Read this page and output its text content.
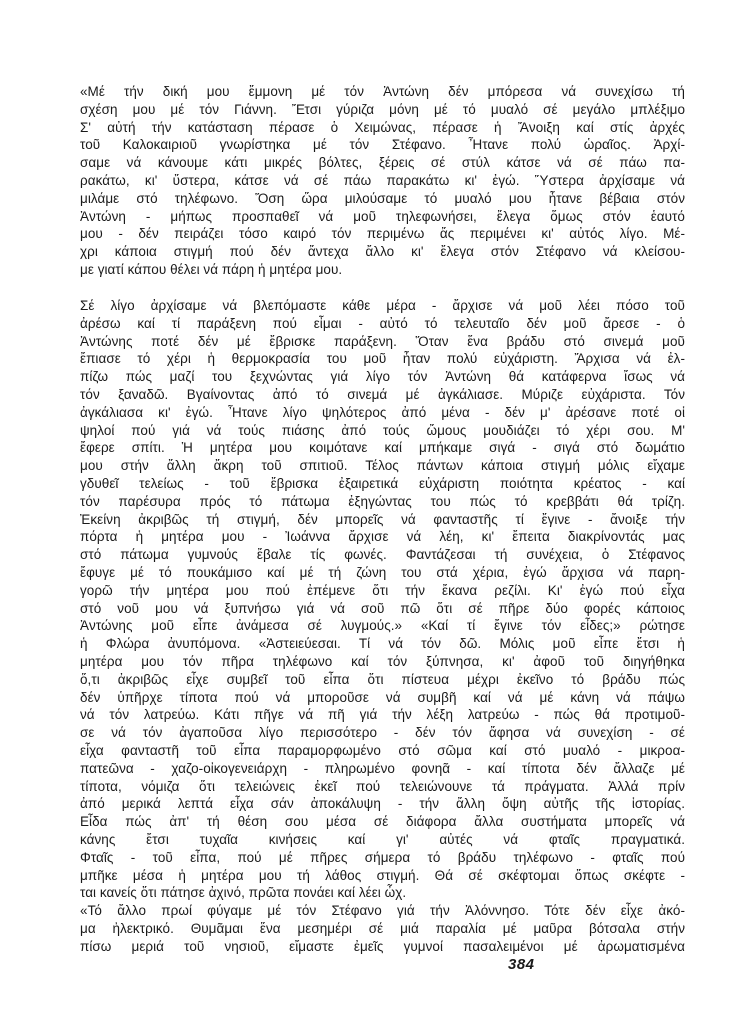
«Μέ τήν δική μου ἔμμονη μέ τόν Ἀντώνη δέν μπόρεσα νά συνεχίσω τή
σχέση μου μέ τόν Γιάννη. Ἔτσι γύριζα μόνη μέ τό μυαλό σέ μεγάλο μπλέξιμο
Σ' αὐτή τήν κατάσταση πέρασε ὁ Χειμώνας, πέρασε ἡ Ἄνοιξη καί στίς ἀρχές
τοῦ Καλοκαιριοῦ γνωρίστηκα μέ τόν Στέφανο. Ἦτανε πολύ ὡραῖος. Ἀρχί-
σαμε νά κάνουμε κάτι μικρές βόλτες, ξέρεις σέ στύλ κάτσε νά σέ πάω πα-
ρακάτω, κι' ὕστερα, κάτσε νά σέ πάω παρακάτω κι' ἐγώ. Ὕστερα ἀρχίσαμε νά
μιλάμε στό τηλέφωνο. Ὅση ὥρα μιλούσαμε τό μυαλό μου ἦτανε βέβαια στόν
Ἀντώνη - μήπως προσπαθεῖ νά μοῦ τηλεφωνήσει, ἔλεγα ὅμως στόν ἑαυτό
μου - δέν πειράζει τόσο καιρό τόν περιμένω ἄς περιμένει κι' αὐτός λίγο. Μέ-
χρι κάποια στιγμή πού δέν ἄντεχα ἄλλο κι' ἔλεγα στόν Στέφανο νά κλείσου-
με γιατί κάπου θέλει νά πάρη ἡ μητέρα μου.
Σέ λίγο ἀρχίσαμε νά βλεπόμαστε κάθε μέρα - ἄρχισε νά μοῦ λέει πόσο τοῦ
ἀρέσω καί τί παράξενη πού εἶμαι - αὐτό τό τελευταῖο δέν μοῦ ἄρεσε - ὁ
Ἀντώνης ποτέ δέν μέ ἔβρισκε παράξενη. Ὅταν ἕνα βράδυ στό σινεμά μοῦ
ἔπιασε τό χέρι ἡ θερμοκρασία του μοῦ ἦταν πολύ εὐχάριστη. Ἄρχισα νά ἐλ-
πίζω πώς μαζί του ξεχνώντας γιά λίγο τόν Ἀντώνη θά κατάφερνα ἴσως νά
τόν ξαναδῶ. Βγαίνοντας ἀπό τό σινεμά μέ ἀγκάλιασε. Μύριζε εὐχάριστα. Τόν
ἀγκάλιασα κι' ἐγώ. Ἦτανε λίγο ψηλότερος ἀπό μένα - δέν μ' ἀρέσανε ποτέ οἱ
ψηλοί πού γιά νά τούς πιάσης ἀπό τούς ὤμους μουδιάζει τό χέρι σου. Μ'
ἔφερε σπίτι. Ἡ μητέρα μου κοιμότανε καί μπήκαμε σιγά - σιγά στό δωμάτιο
μου στήν ἄλλη ἄκρη τοῦ σπιτιοῦ. Τέλος πάντων κάποια στιγμή μόλις εἴχαμε
γδυθεῖ τελείως - τοῦ ἔβρισκα ἐξαιρετικά εὐχάριστη ποιότητα κρέατος - καί
τόν παρέσυρα πρός τό πάτωμα ἐξηγώντας του πώς τό κρεββάτι θά τρίζη.
Ἐκείνη ἀκριβῶς τή στιγμή, δέν μπορεῖς νά φανταστῆς τί ἔγινε - ἄνοιξε τήν
πόρτα ἡ μητέρα μου - Ἰωάννα ἄρχισε νά λέη, κι' ἔπειτα διακρίνοντάς μας
στό πάτωμα γυμνούς ἔβαλε τίς φωνές. Φαντάζεσαι τή συνέχεια, ὁ Στέφανος
ἔφυγε μέ τό πουκάμισο καί μέ τή ζώνη του στά χέρια, ἐγώ ἄρχισα νά παρη-
γορῶ τήν μητέρα μου πού ἐπέμενε ὅτι τήν ἔκανα ρεζίλι. Κι' ἐγώ πού εἶχα
στό νοῦ μου νά ξυπνήσω γιά νά σοῦ πῶ ὅτι σέ πῆρε δύο φορές κάποιος
Ἀντώνης μοῦ εἶπε ἀνάμεσα σέ λυγμούς.» «Καί τί ἔγινε τόν εἶδες;» ρώτησε
ἡ Φλώρα ἀνυπόμονα. «Ἀστειεύεσαι. Τί νά τόν δῶ. Μόλις μοῦ εἶπε ἔτσι ἡ
μητέρα μου τόν πῆρα τηλέφωνο καί τόν ξύπνησα, κι' ἀφοῦ τοῦ διηγήθηκα
ὅ,τι ἀκριβῶς εἶχε συμβεῖ τοῦ εἶπα ὅτι πίστευα μέχρι ἐκεῖνο τό βράδυ πώς
δέν ὑπῆρχε τίποτα πού νά μποροῦσε νά συμβῆ καί νά μέ κάνη νά πάψω
νά τόν λατρεύω. Κάτι πῆγε νά πῆ γιά τήν λέξη λατρεύω - πώς θά προτιμοῦ-
σε νά τόν ἀγαποῦσα λίγο περισσότερο - δέν τόν ἄφησα νά συνεχίση - σέ
εἶχα φανταστῆ τοῦ εἶπα παραμορφωμένο στό σῶμα καί στό μυαλό - μικροα-
πατεῶνα - χαζο-οἰκογενειάρχη - πληρωμένο φονηᾶ - καί τίποτα δέν ἄλλαζε μέ
τίποτα, νόμιζα ὅτι τελειώνεις ἐκεῖ πού τελειώνουνε τά πράγματα. Ἀλλά πρίν
ἀπό μερικά λεπτά εἶχα σάν ἀποκάλυψη - τήν ἄλλη ὄψη αὐτῆς τῆς ἱστορίας.
Εἶδα πώς ἀπ' τή θέση σου μέσα σέ διάφορα ἄλλα συστήματα μπορεῖς νά
κάνης ἔτσι τυχαῖα κινήσεις καί γι' αὐτές νά φταῖς πραγματικά.
Φταῖς - τοῦ εἶπα, πού μέ πῆρες σήμερα τό βράδυ τηλέφωνο - φταῖς πού
μπῆκε μέσα ἡ μητέρα μου τή λάθος στιγμή. Θά σέ σκέφτομαι ὅπως σκέφτε -
ται κανείς ὅτι πάτησε ἀχινό, πρῶτα πονάει καί λέει ὦχ.
«Τό ἄλλο πρωί φύγαμε μέ τόν Στέφανο γιά τήν Ἀλόννησο. Τότε δέν εἶχε ἀκό-
μα ἠλεκτρικό. Θυμᾶμαι ἕνα μεσημέρι σέ μιά παραλία μέ μαῦρα βότσαλα στήν
πίσω μεριά τοῦ νησιοῦ, εἴμαστε ἐμεῖς γυμνοί πασαλειμένοι μέ ἀρωματισμένα
384
